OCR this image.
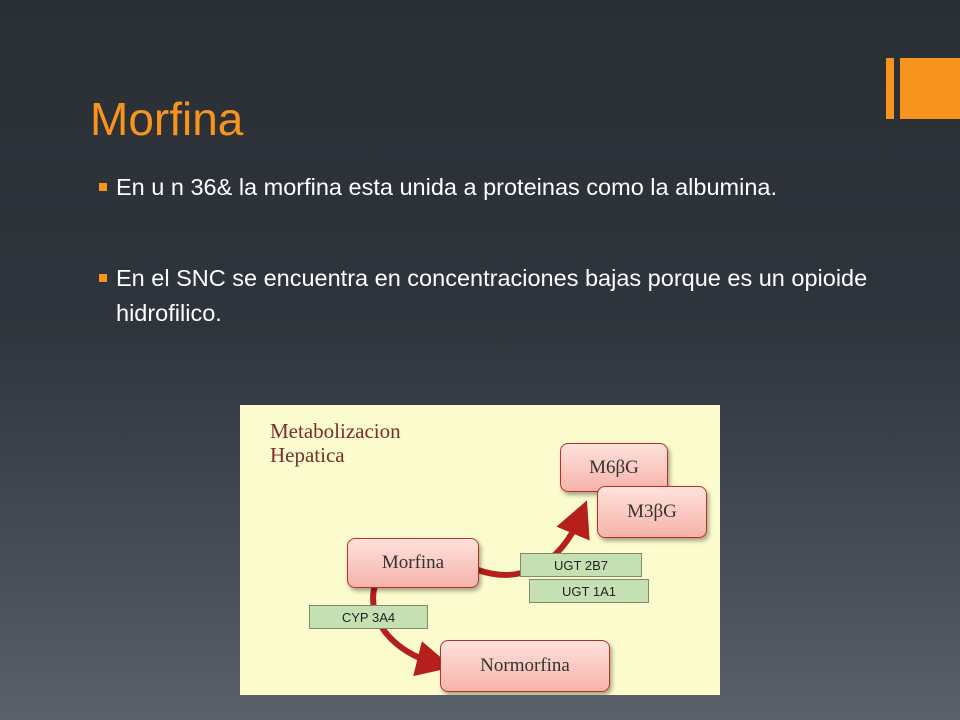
Morfina
En u n 36& la morfina esta unida a proteinas como la albumina.
En el SNC se encuentra en concentraciones bajas porque es un opioide hidrofilico.
Metabolizacion
Hepatica	M6βG
M3βG
Morfina	UGT 2B7
UGT 1A1
CYP 3A4
Normorfina
